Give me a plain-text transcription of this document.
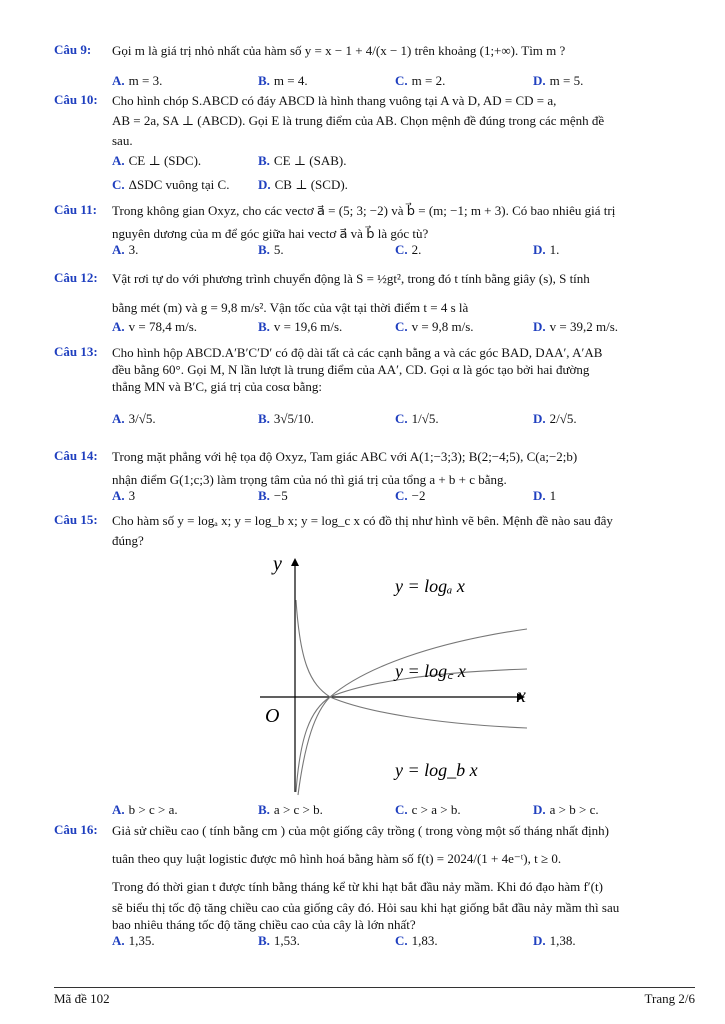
Câu 9: Gọi m là giá trị nhỏ nhất của hàm số y = x − 1 + 4/(x − 1) trên khoảng (1;+∞). Tìm m ?
A. m = 3.	B. m = 4.	C. m = 2.	D. m = 5.
Câu 10: Cho hình chóp S.ABCD có đáy ABCD là hình thang vuông tại A và D, AD = CD = a,
AB = 2a, SA ⊥ (ABCD). Gọi E là trung điểm của AB. Chọn mệnh đề đúng trong các mệnh đề
sau.
A. CE ⊥ (SDC).	B. CE ⊥ (SAB).
C. ΔSDC vuông tại C. D. CB ⊥ (SCD).
Câu 11: Trong không gian Oxyz, cho các vectơ a⃗ = (5; 3; −2) và b⃗ = (m; −1; m + 3). Có bao nhiêu giá trị
nguyên dương của m để góc giữa hai vectơ a⃗ và b⃗ là góc tù?
A. 3.	B. 5.	C. 2.	D. 1.
Câu 12: Vật rơi tự do với phương trình chuyển động là S = ½gt², trong đó t tính bằng giây (s), S tính
bằng mét (m) và g = 9,8 m/s². Vận tốc của vật tại thời điểm t = 4 s là
A. v = 78,4 m/s.	B. v = 19,6 m/s.	C. v = 9,8 m/s.	D. v = 39,2 m/s.
Câu 13: Cho hình hộp ABCD.A′B′C′D′ có độ dài tất cả các cạnh bằng a và các góc BAD, DAA′, A′AB
đều bằng 60°. Gọi M, N lần lượt là trung điểm của AA′, CD. Gọi α là góc tạo bởi hai đường
thẳng MN và B′C, giá trị của cosα bằng:
A. 3/√5.	B. 3√5/10.	C. 1/√5.	D. 2/√5.
Câu 14: Trong mặt phẳng với hệ tọa độ Oxyz, Tam giác ABC với A(1;−3;3); B(2;−4;5), C(a;−2;b)
nhận điểm G(1;c;3) làm trọng tâm của nó thì giá trị của tổng a + b + c bằng.
A. 3	B. −5	C. −2	D. 1
Câu 15: Cho hàm số y = logₐ x; y = log_b x; y = log_c x có đồ thị như hình vẽ bên. Mệnh đề nào sau đây
đúng?
A. b > c > a.	B. a > c > b.	C. c > a > b.	D. a > b > c.
y
x
O
y = logₐ x
y = log꜀ x
y = log_b x
Câu 16: Giả sử chiều cao ( tính bằng cm ) của một giống cây trồng ( trong vòng một số tháng nhất định)
tuân theo quy luật logistic được mô hình hoá bằng hàm số f(t) = 2024/(1 + 4e⁻ᵗ), t ≥ 0.
Trong đó thời gian t được tính bằng tháng kể từ khi hạt bắt đầu nảy mầm. Khi đó đạo hàm f′(t)
sẽ biểu thị tốc độ tăng chiều cao của giống cây đó. Hỏi sau khi hạt giống bắt đầu nảy mầm thì sau
bao nhiêu tháng tốc độ tăng chiều cao của cây là lớn nhất?
A. 1,35.	B. 1,53.	C. 1,83.	D. 1,38.
Mã đề 102	Trang 2/6
